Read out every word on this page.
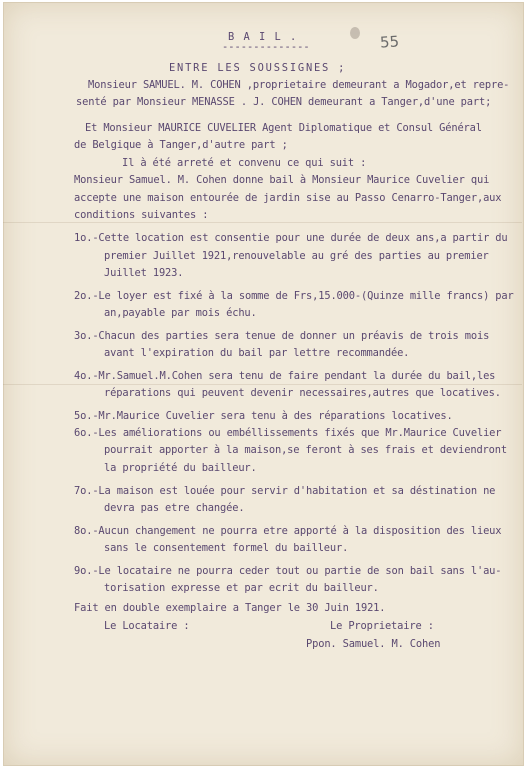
55

B A I L .

--------------

ENTRE LES SOUSSIGNES ;

Monsieur SAMUEL. M. COHEN ,proprietaire demeurant a Mogador,et repre-

senté par Monsieur MENASSE . J. COHEN demeurant a Tanger,d'une part;

Et Monsieur MAURICE CUVELIER Agent Diplomatique et Consul Général

de Belgique à Tanger,d'autre part ;

Il à été arreté et convenu ce qui suit :

Monsieur Samuel. M. Cohen donne bail à Monsieur Maurice Cuvelier qui

accepte une maison entourée de jardin sise au Passo Cenarro-Tanger,aux

conditions suivantes :

1o.-Cette location est consentie pour une durée de deux ans,a partir du

premier Juillet 1921,renouvelable au gré des parties au premier

Juillet 1923.

2o.-Le loyer est fixé à la somme de Frs,15.000-(Quinze mille francs) par

an,payable par mois échu.

3o.-Chacun des parties sera tenue de donner un préavis de trois mois

avant l'expiration du bail par lettre recommandée.

4o.-Mr.Samuel.M.Cohen sera tenu de faire pendant la durée du bail,les

réparations qui peuvent devenir necessaires,autres que locatives.

5o.-Mr.Maurice Cuvelier sera tenu à des réparations locatives.

6o.-Les améliorations ou embéllissements fixés que Mr.Maurice Cuvelier

pourrait apporter à la maison,se feront à ses frais et deviendront

la propriété du bailleur.

7o.-La maison est louée pour servir d'habitation et sa déstination ne

devra pas etre changée.

8o.-Aucun changement ne pourra etre apporté à la disposition des lieux

sans le consentement formel du bailleur.

9o.-Le locataire ne pourra ceder tout ou partie de son bail sans l'au-

torisation expresse et par ecrit du bailleur.

Fait en double exemplaire a Tanger le 30 Juin 1921.

Le Locataire :	Le Proprietaire :

Ppon. Samuel. M. Cohen
